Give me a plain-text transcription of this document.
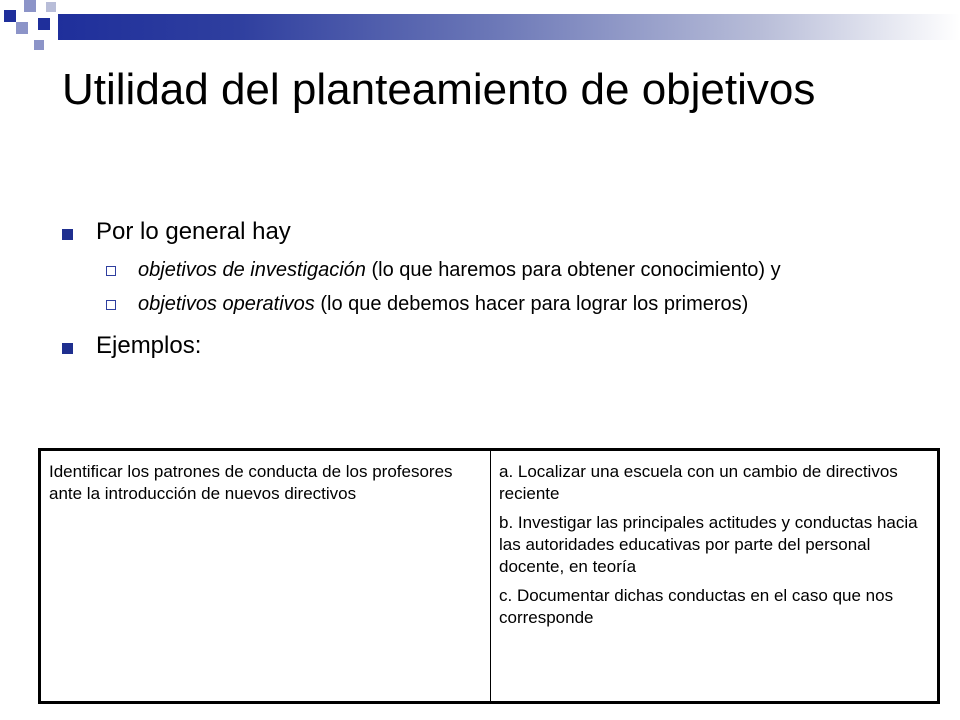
Utilidad del planteamiento de objetivos
Por lo general hay
objetivos de investigación (lo que haremos para obtener conocimiento) y
objetivos operativos (lo que debemos hacer para lograr los primeros)
Ejemplos:

Identificar los patrones de conducta de los profesores ante la introducción de nuevos directivos

a. Localizar una escuela con un cambio de directivos reciente

b. Investigar las principales actitudes y conductas hacia las autoridades educativas por parte del personal docente, en teoría

c. Documentar dichas conductas en el caso que nos corresponde
